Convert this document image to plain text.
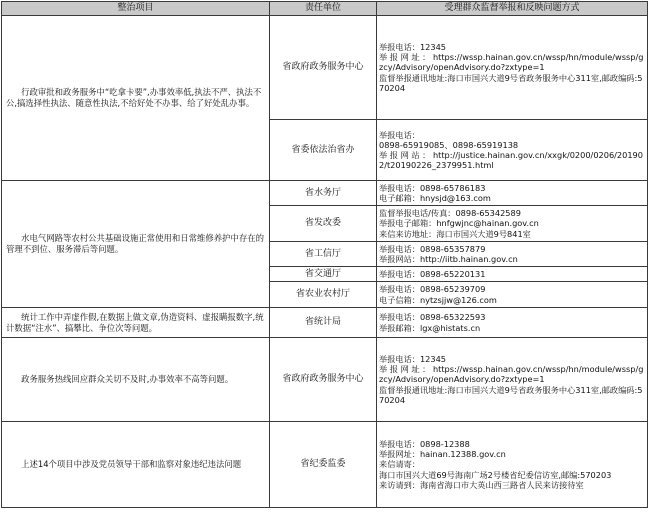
整治项目	责任单位	受理群众监督举报和反映问题方式

行政审批和政务服务中“吃拿卡要”,办事效率低,执法不严、执法不公,搞选择性执法、随意性执法,不给好处不办事、给了好处乱办事。	省政府政务服务中心	举报电话：12345
举 报 网 址 ： https://wssp.hainan.gov.cn/wssp/hn/module/wssp/gzcy/Advisory/openAdvisory.do?zxtype=1
监督举报通讯地址:海口市国兴大道9号省政务服务中心311室,邮政编码:570204

	省委依法治省办	举报电话：
0898-65919085、0898-65919138
举 报 网 站 ： http://justice.hainan.gov.cn/xxgk/0200/0206/201902/t20190226_2379951.html

水电气网路等农村公共基础设施正常使用和日常维修养护中存在的管理不到位、服务滞后等问题。	省水务厅	举报电话：0898-65786183
电子邮箱：hnysjd@163.com

	省发改委	监督举报电话/传真：0898-65342589
举报电子邮箱：hnfgwjnc@hainan.gov.cn
来信来访地址：海口市国兴大道9号841室

	省工信厅	举报电话：0898-65357879
举报网站：http://iitb.hainan.gov.cn

	省交通厅	举报电话：0898-65220131

	省农业农村厅	举报电话：0898-65239709
电子信箱：nytzsjjw@126.com

统计工作中弄虚作假,在数据上做文章,伪造资料、虚报瞒报数字,统计数据“注水”、搞攀比、争位次等问题。	省统计局	举报电话：0898-65322593
举报邮箱：lgx@histats.cn

政务服务热线回应群众关切不及时,办事效率不高等问题。	省政府政务服务中心	举报电话：12345
举 报 网 址 ： https://wssp.hainan.gov.cn/wssp/hn/module/wssp/gzcy/Advisory/openAdvisory.do?zxtype=1
监督举报通讯地址:海口市国兴大道9号省政务服务中心311室,邮政编码:570204

上述14个项目中涉及党员领导干部和监察对象违纪违法问题	省纪委监委	举报电话：0898-12388
举报网址：hainan.12388.gov.cn
来信请寄：
海口市国兴大道69号海南广场2号楼省纪委信访室,邮编:570203
来访请到：海南省海口市大英山西三路省人民来访接待室
